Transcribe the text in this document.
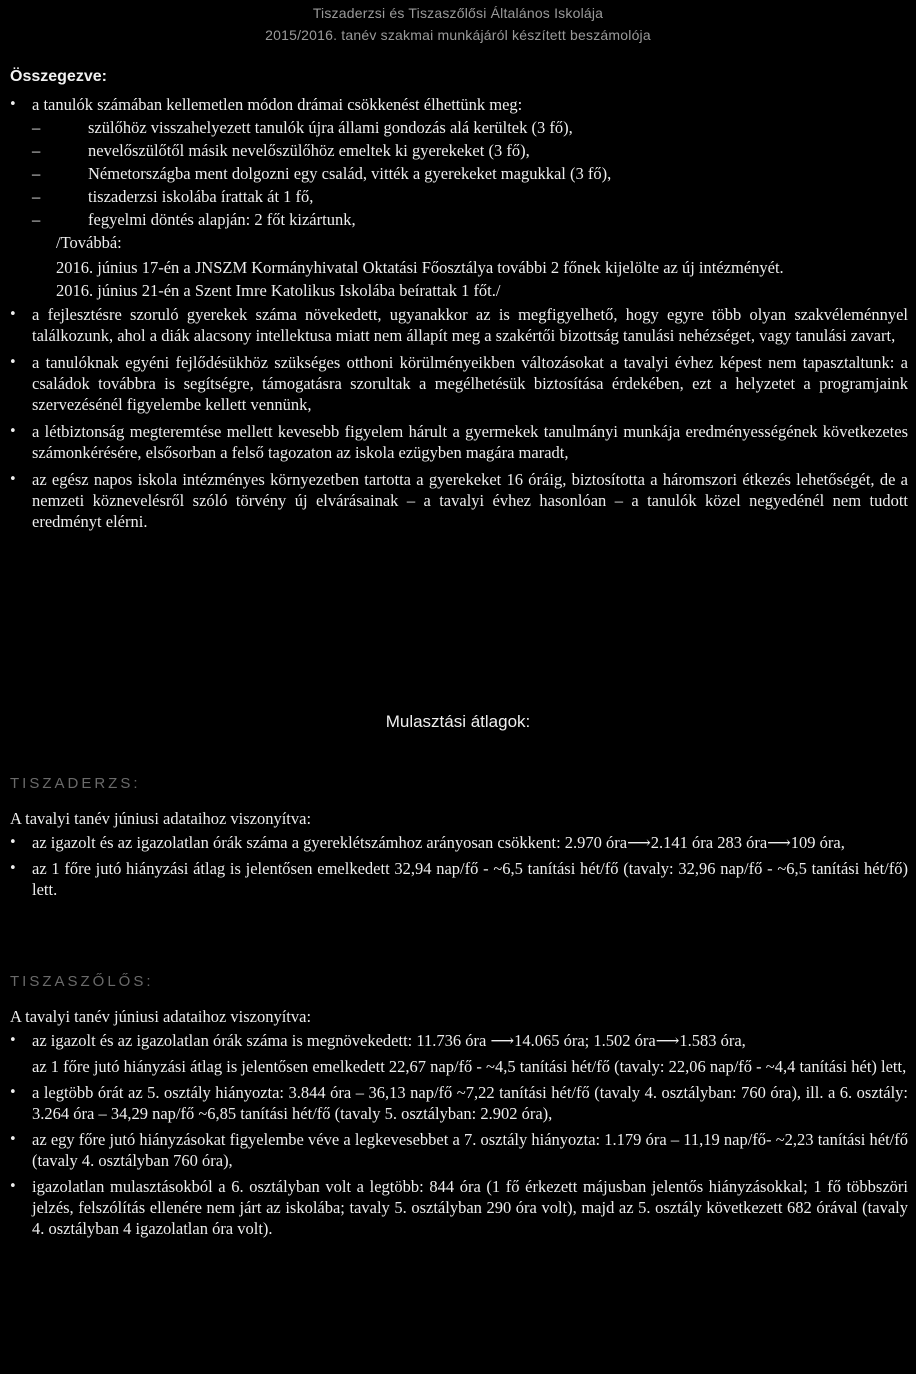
Tiszaderzsi és Tiszaszőlősi Általános Iskolája
2015/2016. tanév szakmai munkájáról készített beszámolója
Összegezve:
• a tanulók számában kellemetlen módon drámai csökkenést élhettünk meg:
– szülőhöz visszahelyezett tanulók újra állami gondozás alá kerültek (3 fő),
– nevelőszülőtől másik nevelőszülőhöz emeltek ki gyerekeket (3 fő),
– Németországba ment dolgozni egy család, vitték a gyerekeket magukkal (3 fő),
– tiszaderzsi iskolába írattak át 1 fő,
– fegyelmi döntés alapján: 2 főt kizártunk,
/Továbbá:
2016. június 17-én a JNSZM Kormányhivatal Oktatási Főosztálya további 2 főnek kijelölte az új intézményét.
2016. június 21-én a Szent Imre Katolikus Iskolába beírattak 1 főt./
• a fejlesztésre szoruló gyerekek száma növekedett, ugyanakkor az is megfigyelhető, hogy egyre több olyan szakvéleménnyel találkozunk, ahol a diák alacsony intellektusa miatt nem állapít meg a szakértői bizottság tanulási nehézséget, vagy tanulási zavart,
• a tanulóknak egyéni fejlődésükhöz szükséges otthoni körülményeikben változásokat a tavalyi évhez képest nem tapasztaltunk: a családok továbbra is segítségre, támogatásra szorultak a megélhetésük biztosítása érdekében, ezt a helyzetet a programjaink szervezésénél figyelembe kellett vennünk,
• a létbiztonság megteremtése mellett kevesebb figyelem hárult a gyermekek tanulmányi munkája eredményességének következetes számonkérésére, elsősorban a felső tagozaton az iskola ezügyben magára maradt,
• az egész napos iskola intézményes környezetben tartotta a gyerekeket 16 óráig, biztosította a háromszori étkezés lehetőségét, de a nemzeti köznevelésről szóló törvény új elvárásainak – a tavalyi évhez hasonlóan – a tanulók közel negyedénél nem tudott eredményt elérni.
Mulasztási átlagok:
TISZADERZS:
A tavalyi tanév júniusi adataihoz viszonyítva:
• az igazolt és az igazolatlan órák száma a gyereklétszámhoz arányosan csökkent: 2.970 óra⟶2.141 óra 283 óra⟶109 óra,
• az 1 főre jutó hiányzási átlag is jelentősen emelkedett 32,94 nap/fő - ~6,5 tanítási hét/fő (tavaly: 32,96 nap/fő - ~6,5 tanítási hét/fő) lett.
TISZASZŐLŐS:
A tavalyi tanév júniusi adataihoz viszonyítva:
• az igazolt és az igazolatlan órák száma is megnövekedett: 11.736 óra ⟶14.065 óra; 1.502 óra⟶1.583 óra,
az 1 főre jutó hiányzási átlag is jelentősen emelkedett 22,67 nap/fő - ~4,5 tanítási hét/fő (tavaly: 22,06 nap/fő - ~4,4 tanítási hét) lett,
• a legtöbb órát az 5. osztály hiányozta: 3.844 óra – 36,13 nap/fő ~7,22 tanítási hét/fő (tavaly 4. osztályban: 760 óra), ill. a 6. osztály: 3.264 óra – 34,29 nap/fő ~6,85 tanítási hét/fő (tavaly 5. osztályban: 2.902 óra),
• az egy főre jutó hiányzásokat figyelembe véve a legkevesebbet a 7. osztály hiányozta: 1.179 óra – 11,19 nap/fő- ~2,23 tanítási hét/fő (tavaly 4. osztályban 760 óra),
• igazolatlan mulasztásokból a 6. osztályban volt a legtöbb: 844 óra (1 fő érkezett májusban jelentős hiányzásokkal; 1 fő többszöri jelzés, felszólítás ellenére nem járt az iskolába; tavaly 5. osztályban 290 óra volt), majd az 5. osztály következett 682 órával (tavaly 4. osztályban 4 igazolatlan óra volt).
